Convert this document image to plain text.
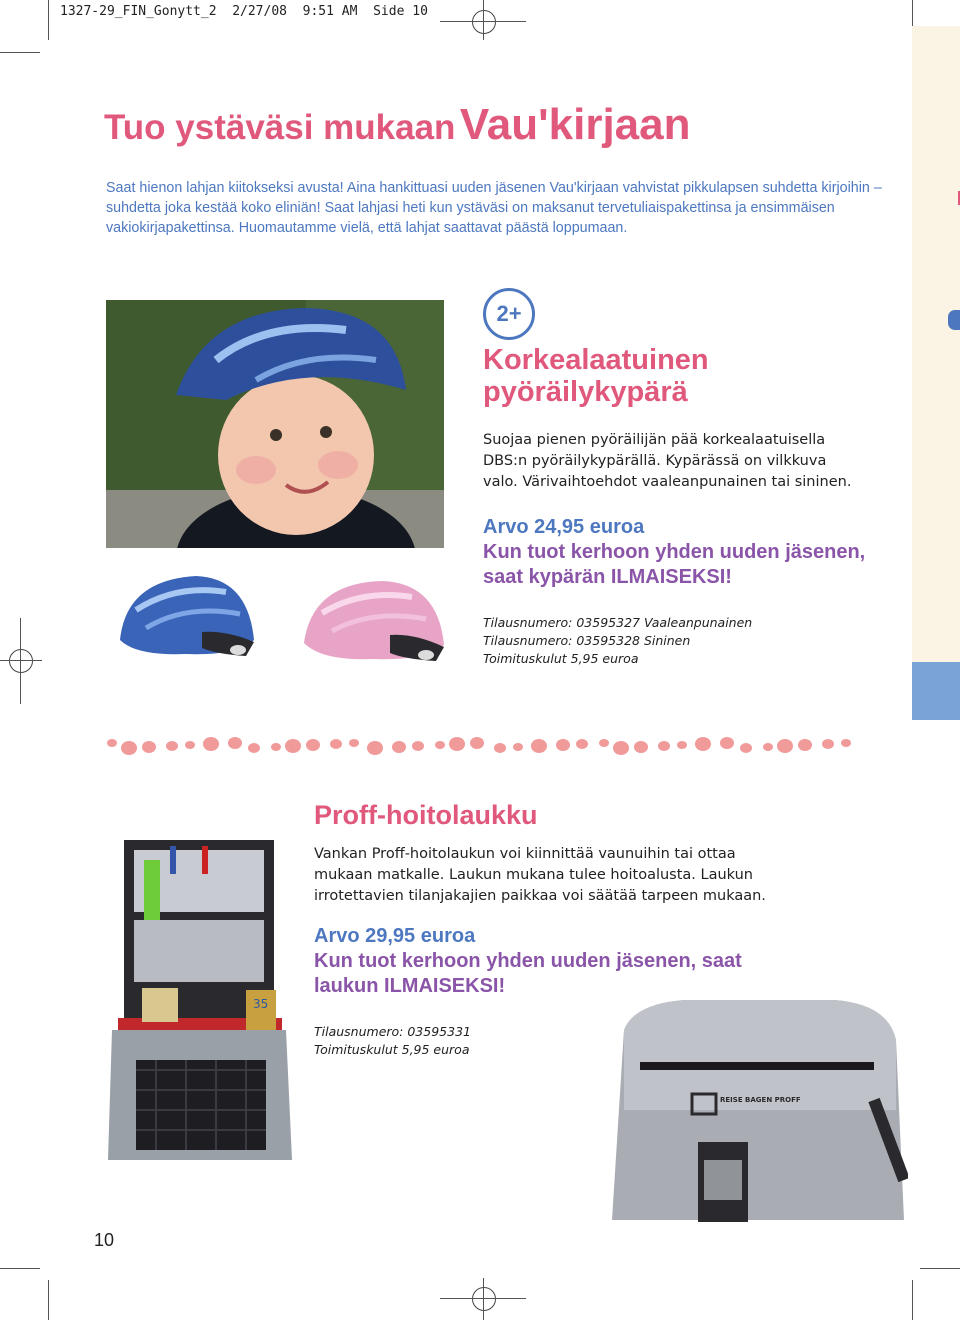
1327-29_FIN_Gonytt_2 2/27/08 9:51 AM Side 10
Tuo ystäväsi mukaan Vau'kirjaan
Saat hienon lahjan kiitokseksi avusta! Aina hankittuasi uuden jäsenen Vau'kirjaan vahvistat pikkulapsen suhdetta kirjoihin – suhdetta joka kestää koko eliniän! Saat lahjasi heti kun ystäväsi on maksanut tervetuliaispakettinsa ja ensimmäisen vakiokirjapakettinsa. Huomautamme vielä, että lahjat saattavat päästä loppumaan.
2+
Korkealaatuinen pyöräilykypärä
Suojaa pienen pyöräilijän pää korkealaatuisella DBS:n pyöräilykypärällä. Kypärässä on vilkkuva valo. Värivaihtoehdot vaaleanpunainen tai sininen.
Arvo 24,95 euroa
Kun tuot kerhoon yhden uuden jäsenen, saat kypärän ILMAISEKSI!
Tilausnumero: 03595327 Vaaleanpunainen
Tilausnumero: 03595328 Sininen
Toimituskulut 5,95 euroa
Proff-hoitolaukku
Vankan Proff-hoitolaukun voi kiinnittää vaunuihin tai ottaa mukaan matkalle. Laukun mukana tulee hoitoalusta. Laukun irrotettavien tilanjakajien paikkaa voi säätää tarpeen mukaan.
Arvo 29,95 euroa
Kun tuot kerhoon yhden uuden jäsenen, saat laukun ILMAISEKSI!
Tilausnumero: 03595331
Toimituskulut 5,95 euroa
35
REISE BAGEN PROFF
10
